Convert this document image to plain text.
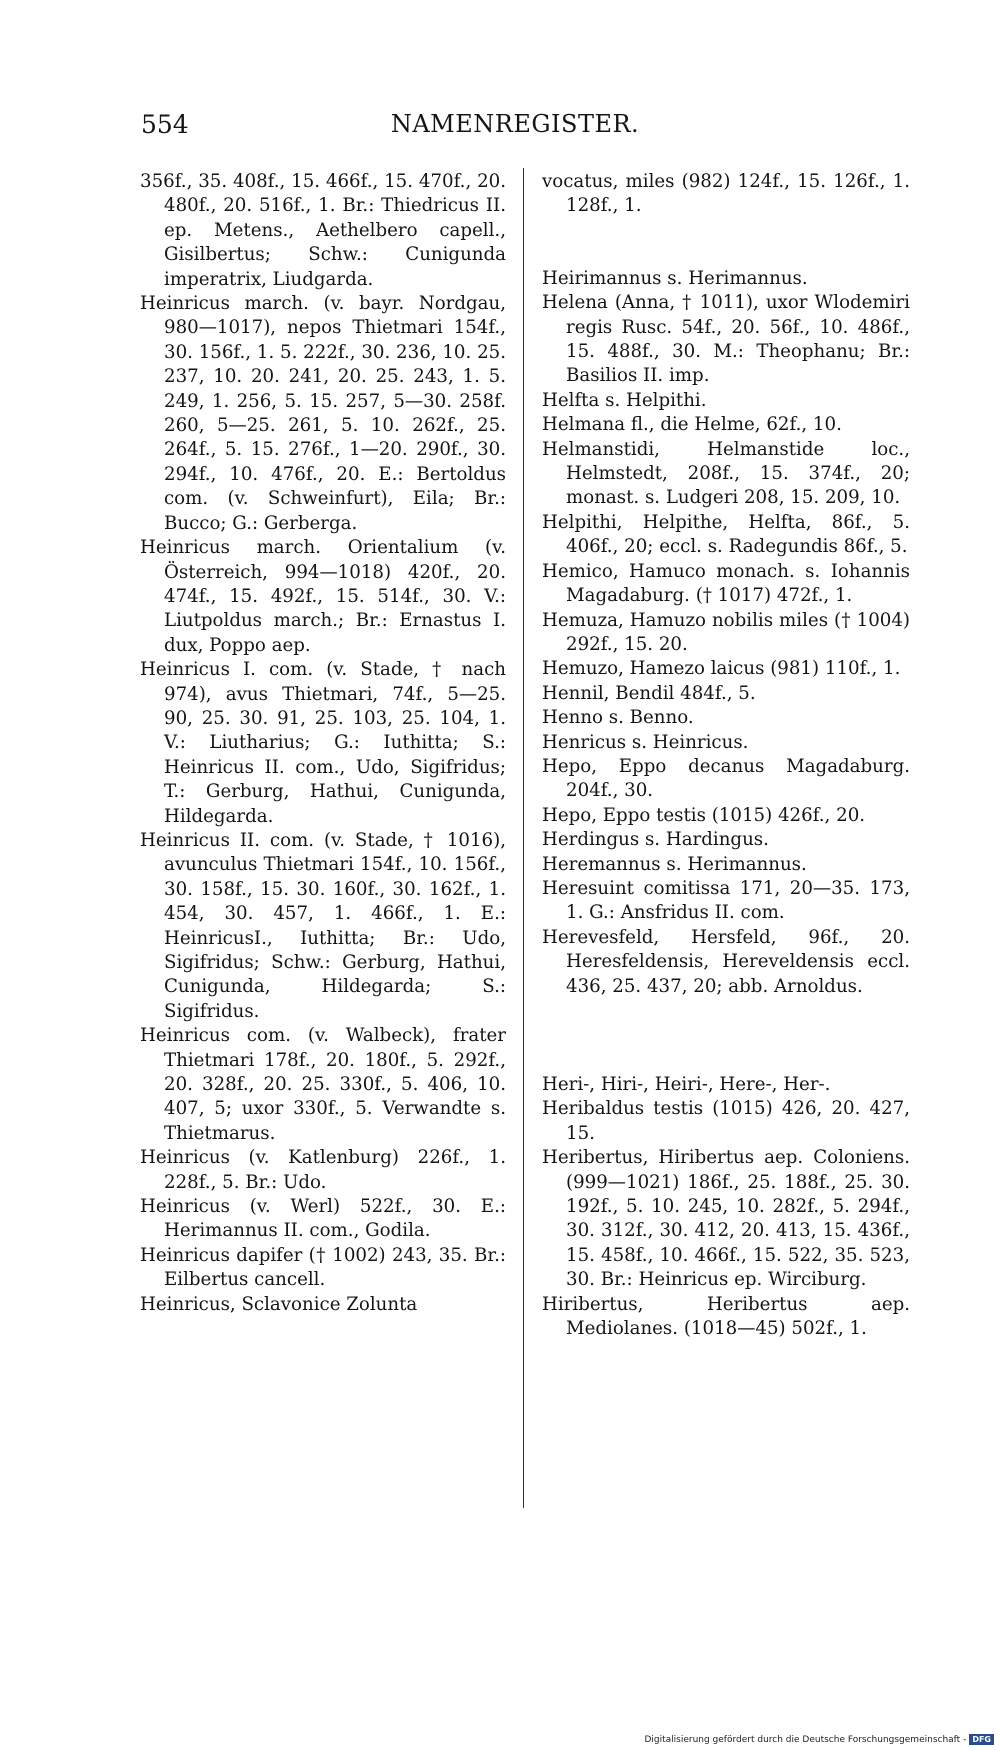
554	NAMENREGISTER.

356f., 35. 408f., 15. 466f., 15. 470f., 20. 480f., 20. 516f., 1. Br.: Thiedricus II. ep. Metens., Aethelbero capell., Gisilbertus; Schw.: Cunigunda imperatrix, Liudgarda.

Heinricus march. (v. bayr. Nordgau, 980—1017), nepos Thietmari 154f., 30. 156f., 1. 5. 222f., 30. 236, 10. 25. 237, 10. 20. 241, 20. 25. 243, 1. 5. 249, 1. 256, 5. 15. 257, 5—30. 258f. 260, 5—25. 261, 5. 10. 262f., 25. 264f., 5. 15. 276f., 1—20. 290f., 30. 294f., 10. 476f., 20. E.: Bertoldus com. (v. Schweinfurt), Eila; Br.: Bucco; G.: Gerberga.

Heinricus march. Orientalium (v. Österreich, 994—1018) 420f., 20. 474f., 15. 492f., 15. 514f., 30. V.: Liutpoldus march.; Br.: Ernastus I. dux, Poppo aep.

Heinricus I. com. (v. Stade, † nach 974), avus Thietmari, 74f., 5—25. 90, 25. 30. 91, 25. 103, 25. 104, 1. V.: Liutharius; G.: Iuthitta; S.: Heinricus II. com., Udo, Sigifridus; T.: Gerburg, Hathui, Cunigunda, Hildegarda.

Heinricus II. com. (v. Stade, † 1016), avunculus Thietmari 154f., 10. 156f., 30. 158f., 15. 30. 160f., 30. 162f., 1. 454, 30. 457, 1. 466f., 1. E.: HeinricusI., Iuthitta; Br.: Udo, Sigifridus; Schw.: Gerburg, Hathui, Cunigunda, Hildegarda; S.: Sigifridus.

Heinricus com. (v. Walbeck), frater Thietmari 178f., 20. 180f., 5. 292f., 20. 328f., 20. 25. 330f., 5. 406, 10. 407, 5; uxor 330f., 5. Verwandte s. Thietmarus.

Heinricus (v. Katlenburg) 226f., 1. 228f., 5. Br.: Udo.

Heinricus (v. Werl) 522f., 30. E.: Herimannus II. com., Godila.

Heinricus dapifer († 1002) 243, 35. Br.: Eilbertus cancell.

Heinricus, Sclavonice Zolunta

vocatus, miles (982) 124f., 15. 126f., 1. 128f., 1.

Heirimannus s. Herimannus.

Helena (Anna, † 1011), uxor Wlodemiri regis Rusc. 54f., 20. 56f., 10. 486f., 15. 488f., 30. M.: Theophanu; Br.: Basilios II. imp.

Helfta s. Helpithi.

Helmana fl., die Helme, 62f., 10.

Helmanstidi, Helmanstide loc., Helmstedt, 208f., 15. 374f., 20; monast. s. Ludgeri 208, 15. 209, 10.

Helpithi, Helpithe, Helfta, 86f., 5. 406f., 20; eccl. s. Radegundis 86f., 5.

Hemico, Hamuco monach. s. Iohannis Magadaburg. († 1017) 472f., 1.

Hemuza, Hamuzo nobilis miles († 1004) 292f., 15. 20.

Hemuzo, Hamezo laicus (981) 110f., 1.

Hennil, Bendil 484f., 5.

Henno s. Benno.

Henricus s. Heinricus.

Hepo, Eppo decanus Magadaburg. 204f., 30.

Hepo, Eppo testis (1015) 426f., 20.

Herdingus s. Hardingus.

Heremannus s. Herimannus.

Heresuint comitissa 171, 20—35. 173, 1. G.: Ansfridus II. com.

Herevesfeld, Hersfeld, 96f., 20. Heresfeldensis, Hereveldensis eccl. 436, 25. 437, 20; abb. Arnoldus.

Heri-, Hiri-, Heiri-, Here-, Her-.

Heribaldus testis (1015) 426, 20. 427, 15.

Heribertus, Hiribertus aep. Coloniens. (999—1021) 186f., 25. 188f., 25. 30. 192f., 5. 10. 245, 10. 282f., 5. 294f., 30. 312f., 30. 412, 20. 413, 15. 436f., 15. 458f., 10. 466f., 15. 522, 35. 523, 30. Br.: Heinricus ep. Wirciburg.

Hiribertus, Heribertus aep. Mediolanes. (1018—45) 502f., 1.

Digitalisierung gefördert durch die Deutsche Forschungsgemeinschaft - DFG
